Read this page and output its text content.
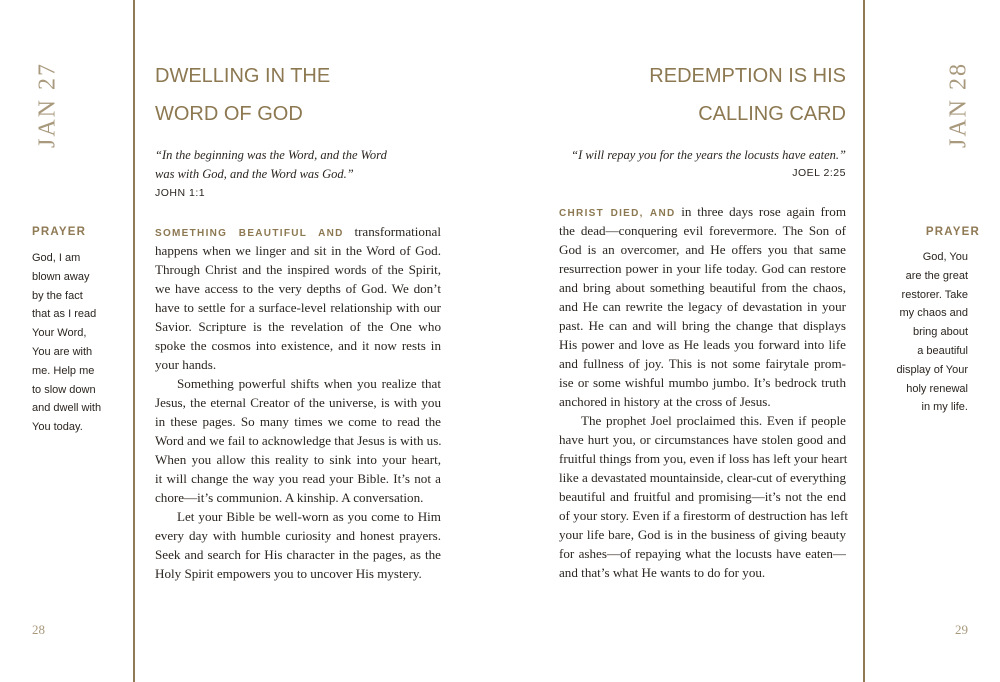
JAN 27
PRAYER
God, I am
blown away
by the fact
that as I read
Your Word,
You are with
me. Help me
to slow down
and dwell with
You today.
28
DWELLING IN THE
WORD OF GOD
“In the beginning was the Word, and the Word
was with God, and the Word was God.”
JOHN 1:1
SOMETHING BEAUTIFUL AND transformational
happens when we linger and sit in the Word of God.
Through Christ and the inspired words of the Spirit,
we have access to the very depths of God. We don’t
have to settle for a surface-level relationship with our
Savior. Scripture is the revelation of the One who
spoke the cosmos into existence, and it now rests in
your hands.
Something powerful shifts when you realize that
Jesus, the eternal Creator of the universe, is with you
in these pages. So many times we come to read the
Word and we fail to acknowledge that Jesus is with us.
When you allow this reality to sink into your heart,
it will change the way you read your Bible. It’s not a
chore—it’s communion. A kinship. A conversation.
Let your Bible be well-worn as you come to Him
every day with humble curiosity and honest prayers.
Seek and search for His character in the pages, as the
Holy Spirit empowers you to uncover His mystery.
REDEMPTION IS HIS
CALLING CARD
“I will repay you for the years the locusts have eaten.”
JOEL 2:25
CHRIST DIED, AND in three days rose again from
the dead—conquering evil forevermore. The Son of
God is an overcomer, and He offers you that same
resurrection power in your life today. God can restore
and bring about something beautiful from the chaos,
and He can rewrite the legacy of devastation in your
past. He can and will bring the change that displays
His power and love as He leads you forward into life
and fullness of joy. This is not some fairytale prom-
ise or some wishful mumbo jumbo. It’s bedrock truth
anchored in history at the cross of Jesus.
The prophet Joel proclaimed this. Even if people
have hurt you, or circumstances have stolen good and
fruitful things from you, even if loss has left your heart
like a devastated mountainside, clear-cut of everything
beautiful and fruitful and promising—it’s not the end
of your story. Even if a firestorm of destruction has left
your life bare, God is in the business of giving beauty
for ashes—of repaying what the locusts have eaten—
and that’s what He wants to do for you.
JAN 28
PRAYER
God, You
are the great
restorer. Take
my chaos and
bring about
a beautiful
display of Your
holy renewal
in my life.
29
